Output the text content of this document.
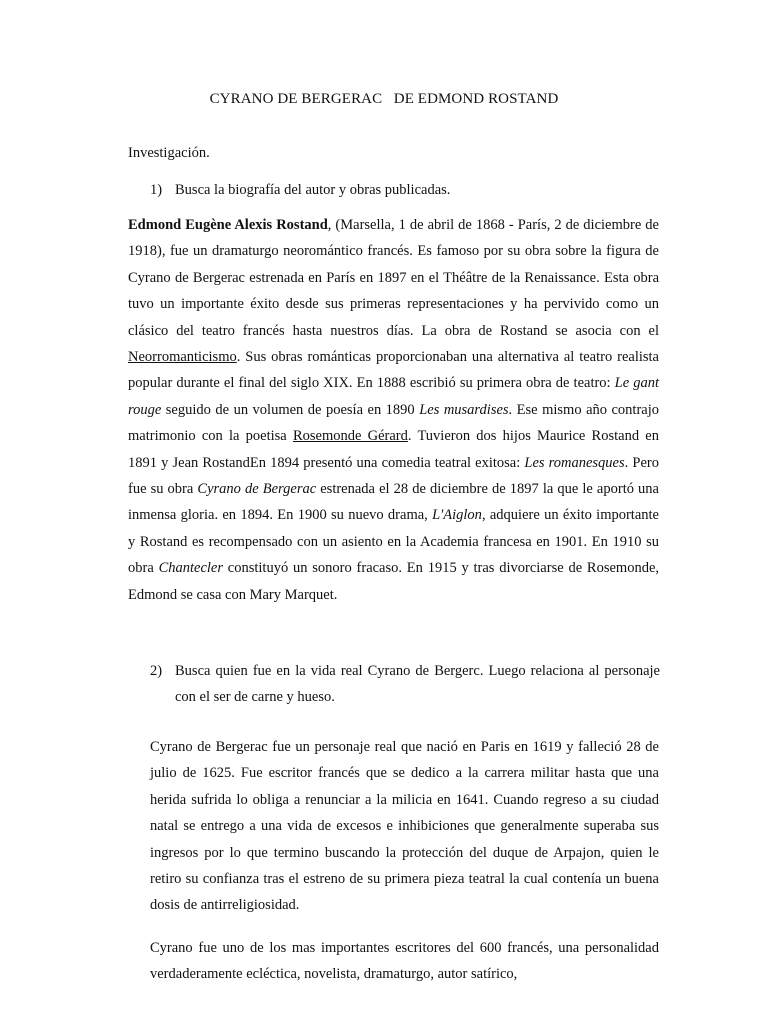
CYRANO DE BERGERAC   DE EDMOND ROSTAND
Investigación.
1) Busca la biografía del autor y obras publicadas.
Edmond Eugène Alexis Rostand, (Marsella, 1 de abril de 1868 - París, 2 de diciembre de 1918), fue un dramaturgo neoromántico francés. Es famoso por su obra sobre la figura de Cyrano de Bergerac estrenada en París en 1897 en el Théâtre de la Renaissance. Esta obra tuvo un importante éxito desde sus primeras representaciones y ha pervivido como un clásico del teatro francés hasta nuestros días. La obra de Rostand se asocia con el Neorromanticismo. Sus obras románticas proporcionaban una alternativa al teatro realista popular durante el final del siglo XIX. En 1888 escribió su primera obra de teatro: Le gant rouge seguido de un volumen de poesía en 1890 Les musardises. Ese mismo año contrajo matrimonio con la poetisa Rosemonde Gérard. Tuvieron dos hijos Maurice Rostand en 1891 y Jean RostandEn 1894 presentó una comedia teatral exitosa: Les romanesques. Pero fue su obra Cyrano de Bergerac estrenada el 28 de diciembre de 1897 la que le aportó una inmensa gloria. en 1894. En 1900 su nuevo drama, L'Aiglon, adquiere un éxito importante y Rostand es recompensado con un asiento en la Academia francesa en 1901. En 1910 su obra Chantecler constituyó un sonoro fracaso. En 1915 y tras divorciarse de Rosemonde, Edmond se casa con Mary Marquet.
2) Busca quien fue en la vida real Cyrano de Bergerc. Luego relaciona al personaje con el ser de carne y hueso.
Cyrano de Bergerac fue un personaje real que nació en Paris en 1619 y falleció 28 de julio de 1625. Fue escritor francés que se dedico a la carrera militar hasta que una herida sufrida lo obliga a renunciar a la milicia en 1641. Cuando regreso a su ciudad natal se entrego a una vida de excesos e inhibiciones que generalmente superaba sus ingresos por lo que termino buscando la protección del duque de Arpajon, quien le retiro su confianza tras el estreno de su primera pieza teatral la cual contenía un buena dosis de antirreligiosidad.
Cyrano fue uno de los mas importantes escritores del 600 francés, una personalidad verdaderamente ecléctica, novelista, dramaturgo, autor satírico,
